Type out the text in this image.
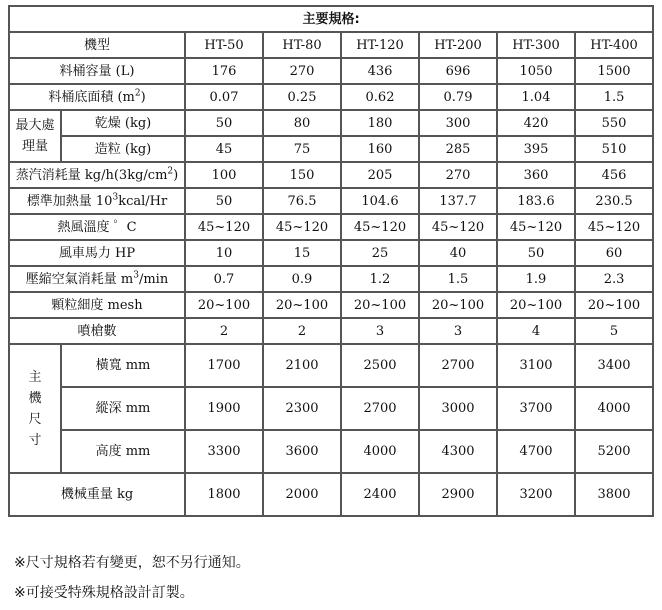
主要規格:							
機型		HT-50	HT-80	HT-120	HT-200	HT-300	HT-400
料桶容量 (L)		176	270	436	696	1050	1500
料桶底面積 $(m^2)$		0.07	0.25	0.62	0.79	1.04	1.5
最大處理量	乾燥 (kg)	50	80	180	300	420	550
	造粒 (kg)	45	75	160	285	395	510
蒸汽消耗量 $kg/h(3kg/cm^2)$		100	150	205	270	360	456
標準加熱量 $10^3kcal/Hr$		50	76.5	104.6	137.7	183.6	230.5
熱風溫度 ゜C		45~120	45~120	45~120	45~120	45~120	45~120
風車馬力 HP		10	15	25	40	50	60
壓縮空氣消耗量 $m^3/\min$		0.7	0.9	1.2	1.5	1.9	2.3
顆粒細度 mesh		20~100	20~100	20~100	20~100	20~100	20~100
噴槍數		2	2	3	3	4	5

主
機
尺
寸	橫寬 mm	1700	2100	2500	2700	3100	3400
	縱深 mm	1900	2300	2700	3000	3700	4000
	高度 mm	3300	3600	4000	4300	4700	5200
機械重量 kg		1800	2000	2400	2900	3200	3800
※尺寸規格若有變更，恕不另行通知。
※可接受特殊規格設計訂製。
